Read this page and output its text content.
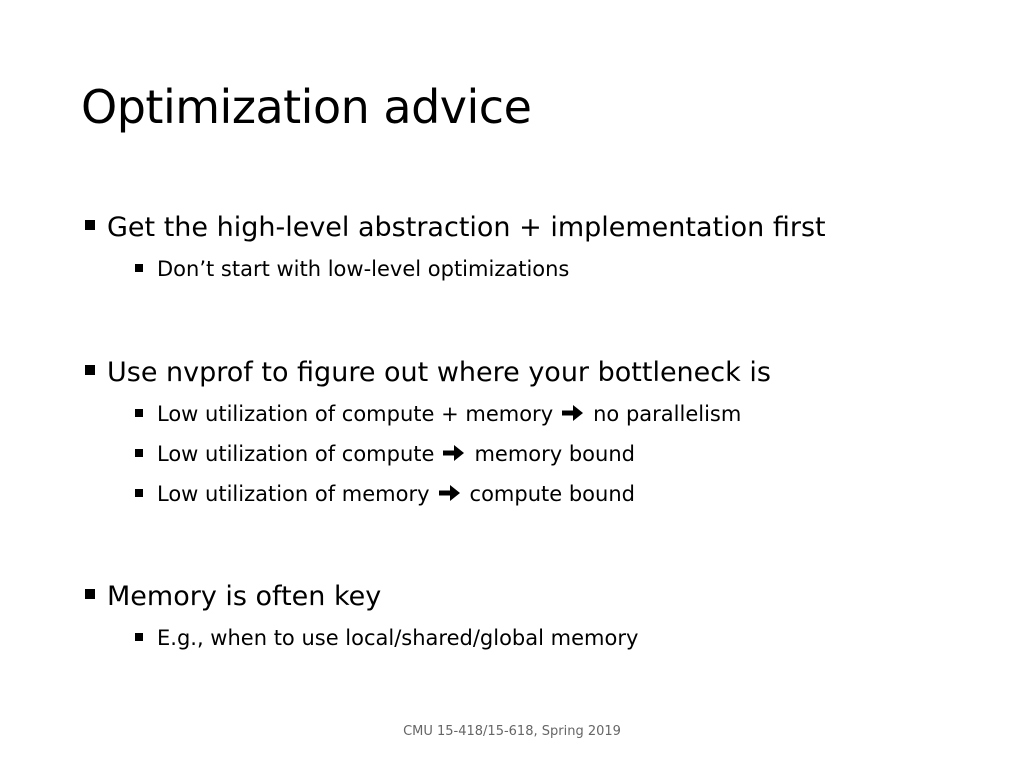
Optimization advice
Get the high-level abstraction + implementation first
Don’t start with low-level optimizations
Use nvprof to figure out where your bottleneck is
Low utilization of compute + memory no parallelism
Low utilization of compute memory bound
Low utilization of memory compute bound
Memory is often key
E.g., when to use local/shared/global memory
CMU 15-418/15-618, Spring 2019
